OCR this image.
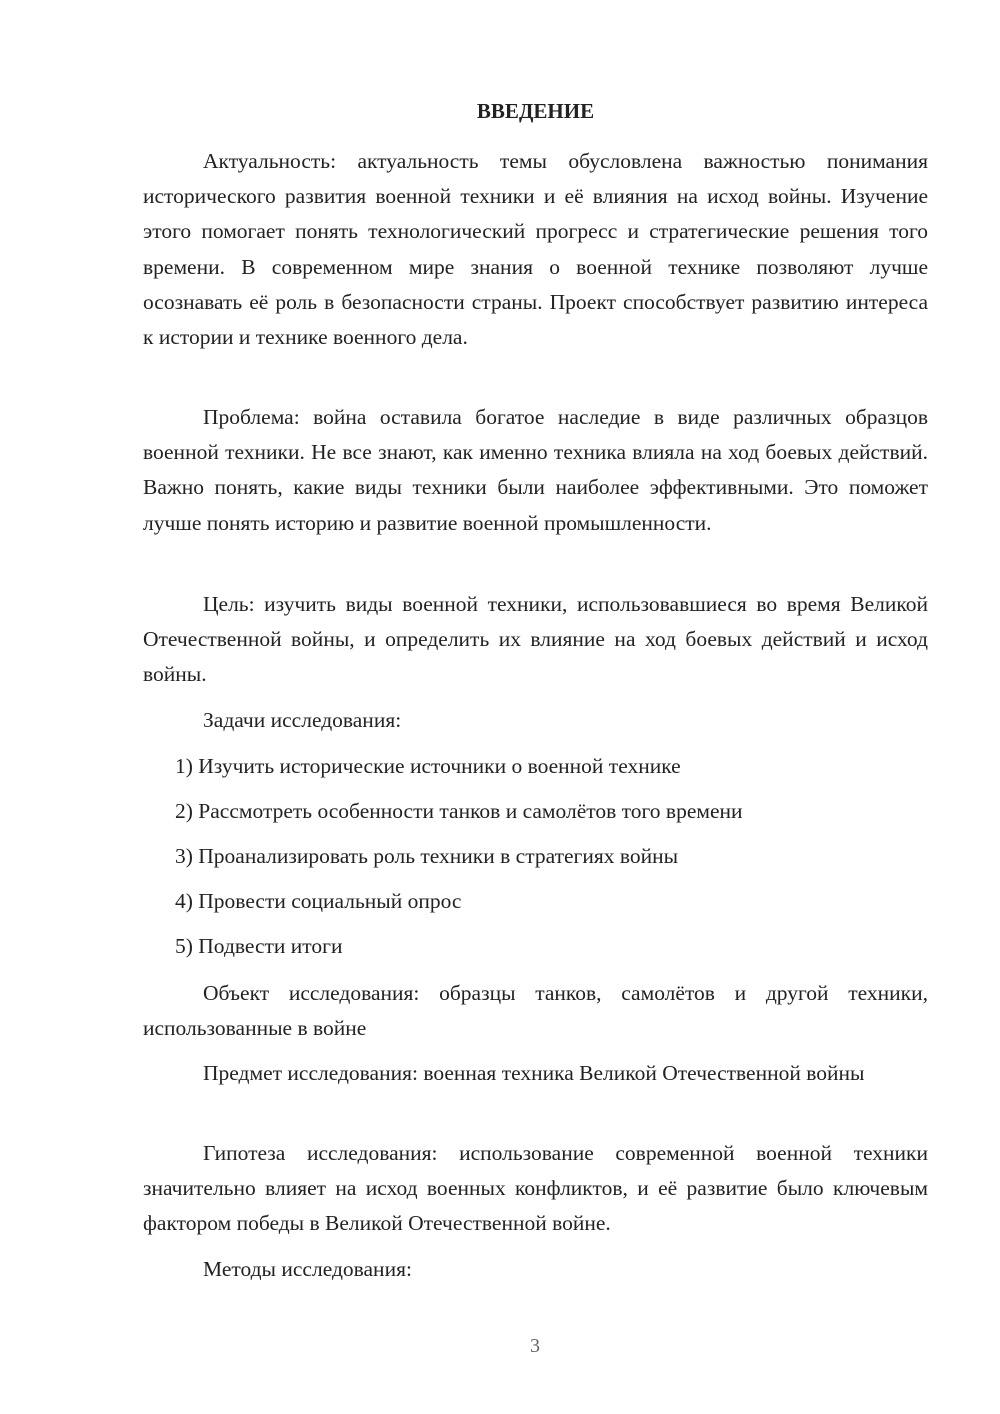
ВВЕДЕНИЕ

Актуальность: актуальность темы обусловлена важностью понимания исторического развития военной техники и её влияния на исход войны. Изучение этого помогает понять технологический прогресс и стратегические решения того времени. В современном мире знания о военной технике позволяют лучше осознавать её роль в безопасности страны. Проект способствует развитию интереса к истории и технике военного дела.

Проблема: война оставила богатое наследие в виде различных образцов военной техники. Не все знают, как именно техника влияла на ход боевых действий. Важно понять, какие виды техники были наиболее эффективными. Это поможет лучше понять историю и развитие военной промышленности.

Цель: изучить виды военной техники, использовавшиеся во время Великой Отечественной войны, и определить их влияние на ход боевых действий и исход войны.

Задачи исследования:

1) Изучить исторические источники о военной технике

2) Рассмотреть особенности танков и самолётов того времени

3) Проанализировать роль техники в стратегиях войны

4) Провести социальный опрос

5) Подвести итоги

Объект исследования: образцы танков, самолётов и другой техники, использованные в войне

Предмет исследования: военная техника Великой Отечественной войны

Гипотеза исследования: использование современной военной техники значительно влияет на исход военных конфликтов, и её развитие было ключевым фактором победы в Великой Отечественной войне.

Методы исследования:

3
